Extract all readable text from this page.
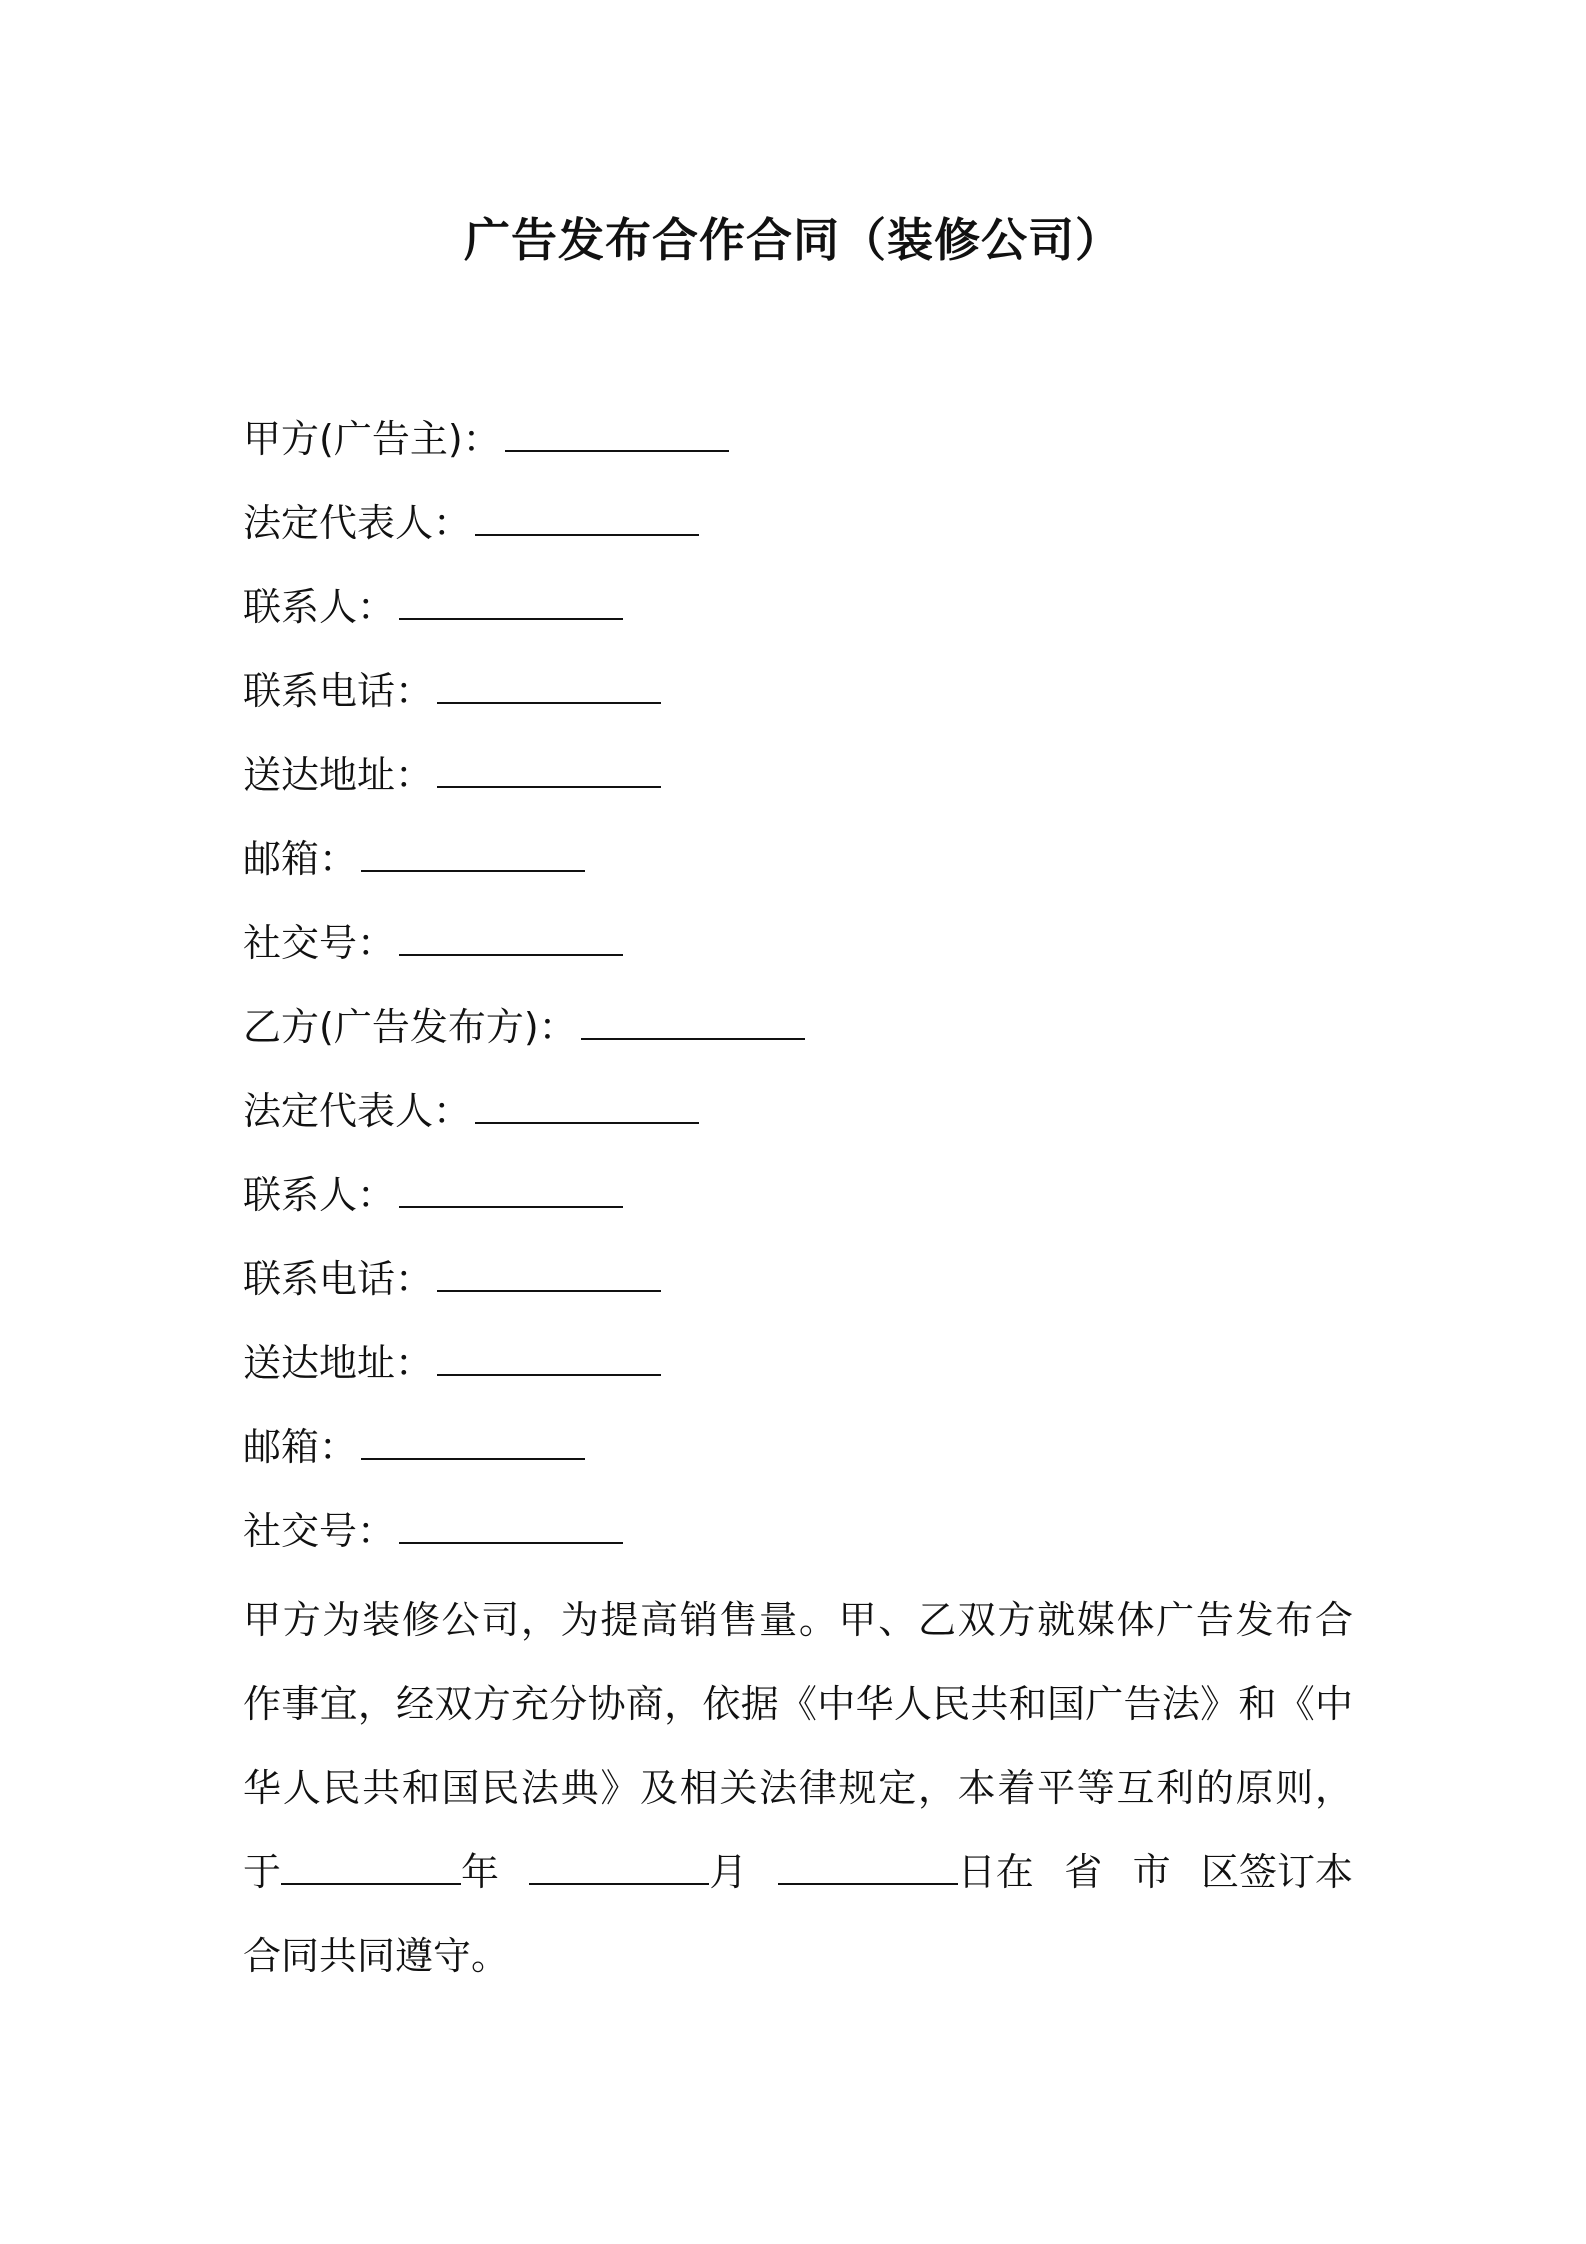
广告发布合作合同（装修公司）
甲方(广告主)：
法定代表人：
联系人：
联系电话：
送达地址：
邮箱：
社交号：
乙方(广告发布方)：
法定代表人：
联系人：
联系电话：
送达地址：
邮箱：
社交号：
甲方为装修公司，为提高销售量。甲、乙双方就媒体广告发布合
作事宜，经双方充分协商，依据《中华人民共和国广告法》和《中
华人民共和国民法典》及相关法律规定，本着平等互利的原则，
于	年	月	日在 省 市 区签订本
合同共同遵守。
